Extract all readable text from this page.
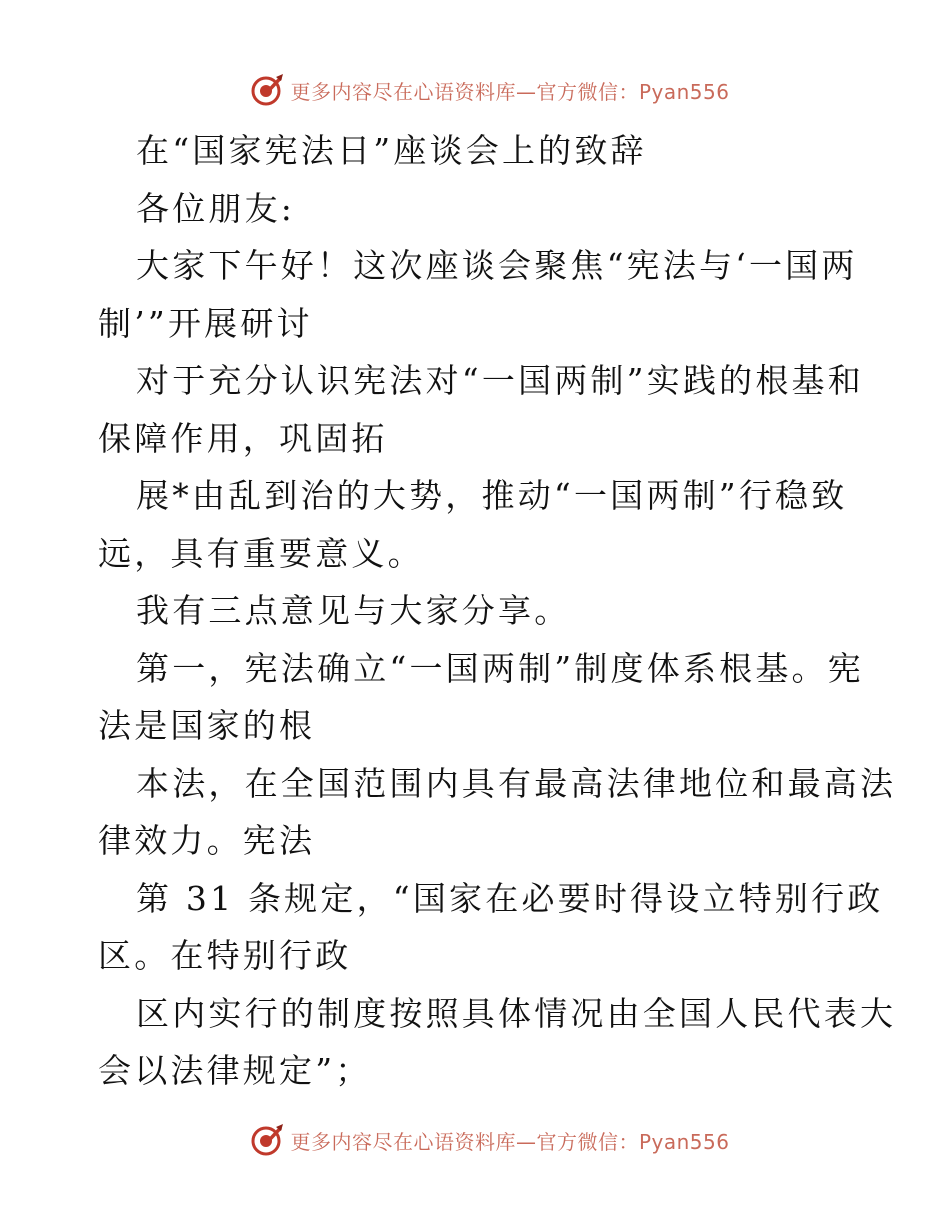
更多内容尽在心语资料库—官方微信：Pyan556
在“国家宪法日”座谈会上的致辞
各位朋友:
大家下午好！这次座谈会聚焦“宪法与‘一国两
制’”开展研讨
对于充分认识宪法对“一国两制”实践的根基和
保障作用，巩固拓
展*由乱到治的大势，推动“一国两制”行稳致
远，具有重要意义。
我有三点意见与大家分享。
第一，宪法确立“一国两制”制度体系根基。宪
法是国家的根
本法，在全国范围内具有最高法律地位和最高法
律效力。宪法
第 31 条规定，“国家在必要时得设立特别行政
区。在特别行政
区内实行的制度按照具体情况由全国人民代表大
会以法律规定”；
更多内容尽在心语资料库—官方微信：Pyan556
